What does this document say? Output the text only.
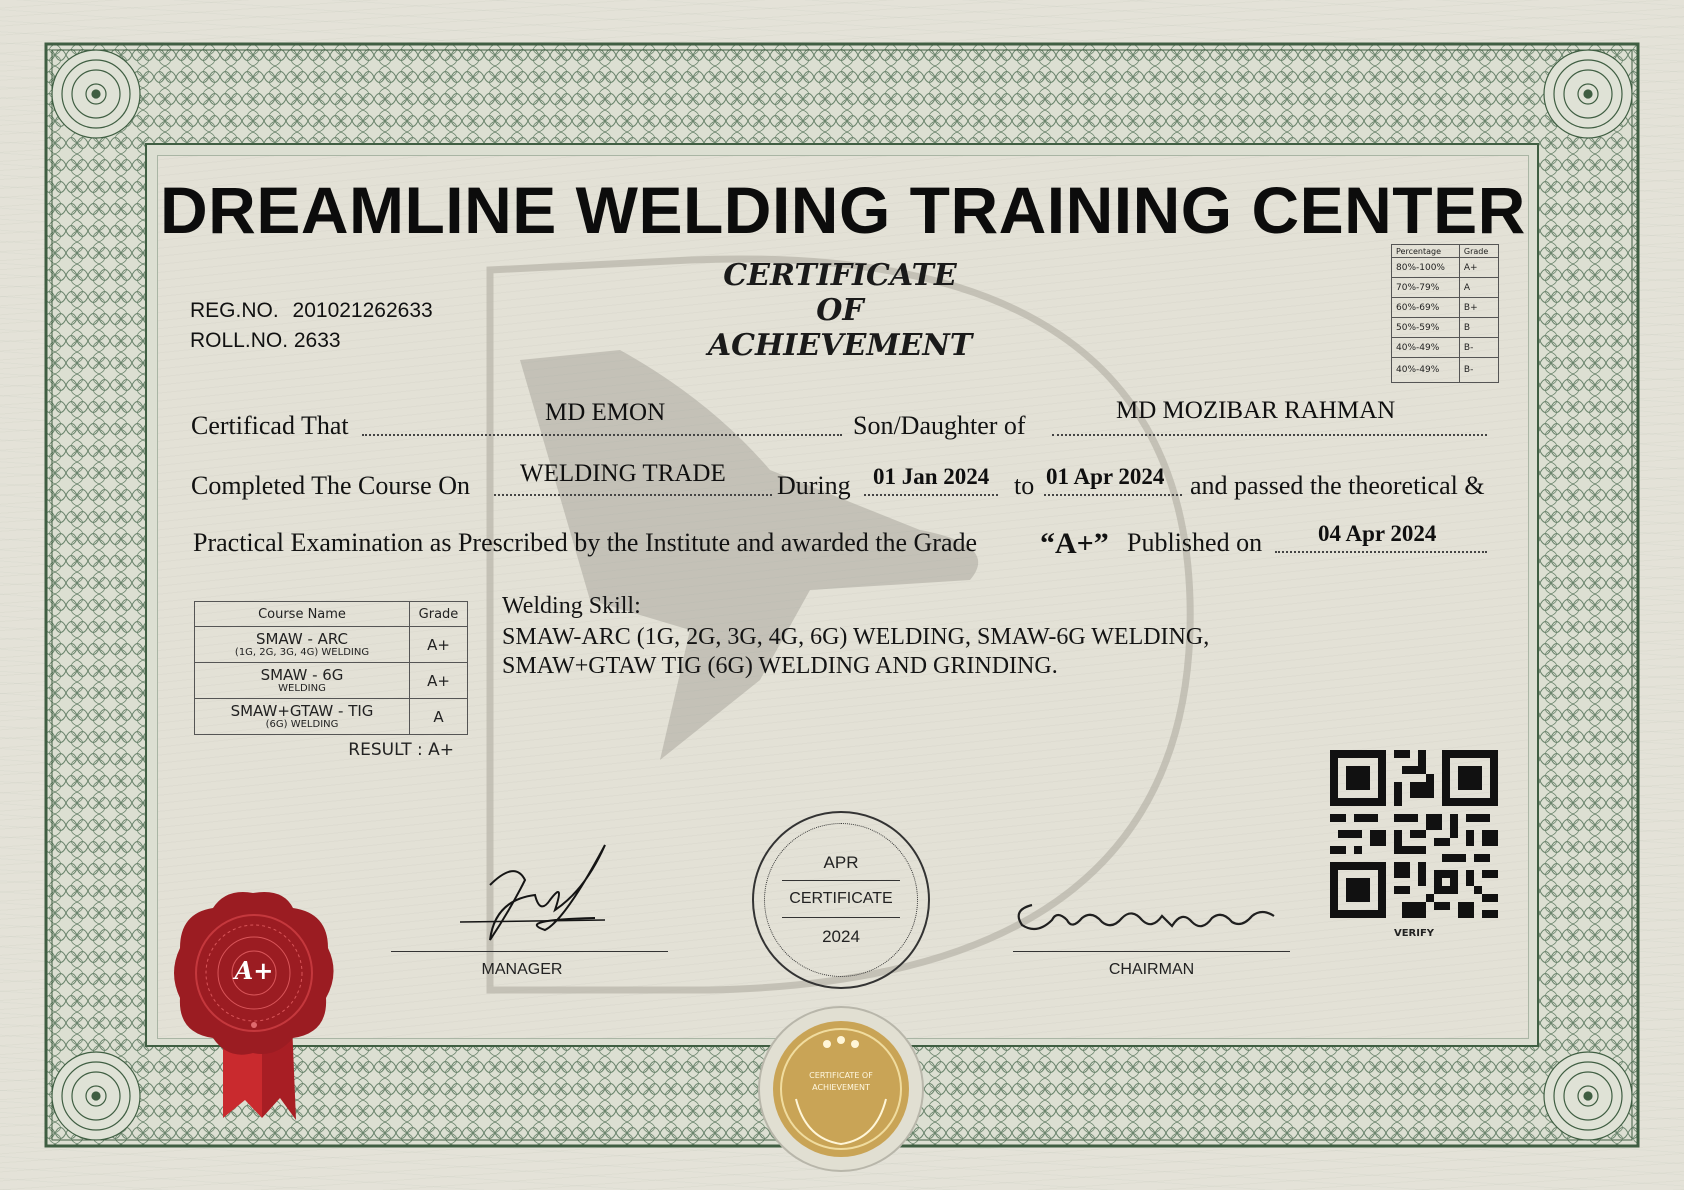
DREAMLINE WELDING TRAINING CENTER
CERTIFICATE
OF
ACHIEVEMENT
REG.NO. 201021262633
ROLL.NO. 2633
Percentage	Grade
80%-100%	A+
70%-79%	A
60%-69%	B+
50%-59%	B
40%-49%	B-
40%-49%	B-
Certificad That	MD EMON	Son/Daughter of
MD MOZIBAR RAHMAN
Completed The Course On WELDING TRADE During 01 Jan 2024 to 01 Apr 2024 and passed the theoretical &
Practical Examination as Prescribed by the Institute and awarded the Grade “A+” Published on 04 Apr 2024
Course Name	Grade

SMAW - ARC
(1G, 2G, 3G, 4G) WELDING	A+

SMAW - 6G
WELDING	A+

SMAW+GTAW - TIG
(6G) WELDING	A
RESULT : A+
Welding Skill:
SMAW-ARC (1G, 2G, 3G, 4G, 6G) WELDING, SMAW-6G WELDING,
SMAW+GTAW TIG (6G) WELDING AND GRINDING.
VERIFY
MANAGER	CHAIRMAN
APR
CERTIFICATE
2024
A+
CERTIFICATE OF
ACHIEVEMENT
